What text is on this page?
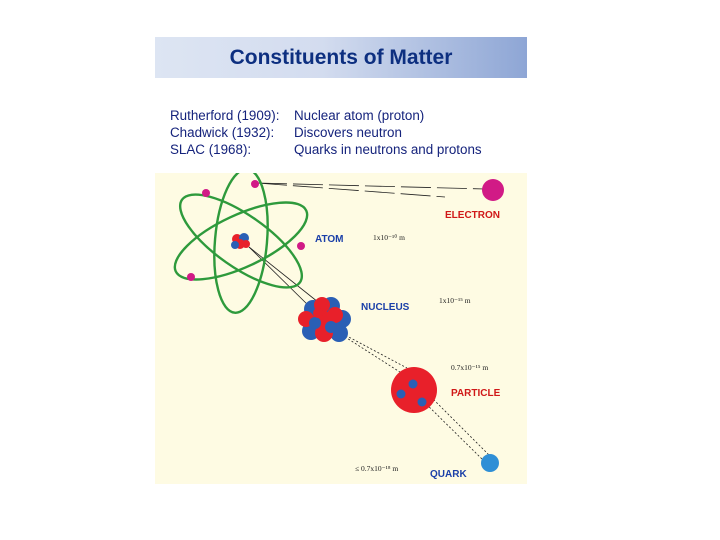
Constituents of Matter
Rutherford (1909):	Nuclear atom (proton)
Chadwick (1932):	Discovers neutron
SLAC (1968):	Quarks in neutrons and protons
ELECTRON
ATOM	1x10⁻¹⁰ m
NUCLEUS
1x10⁻¹⁵ m
0.7x10⁻¹⁵ m
PARTICLE
≤ 0.7x10⁻¹⁸ m
QUARK
